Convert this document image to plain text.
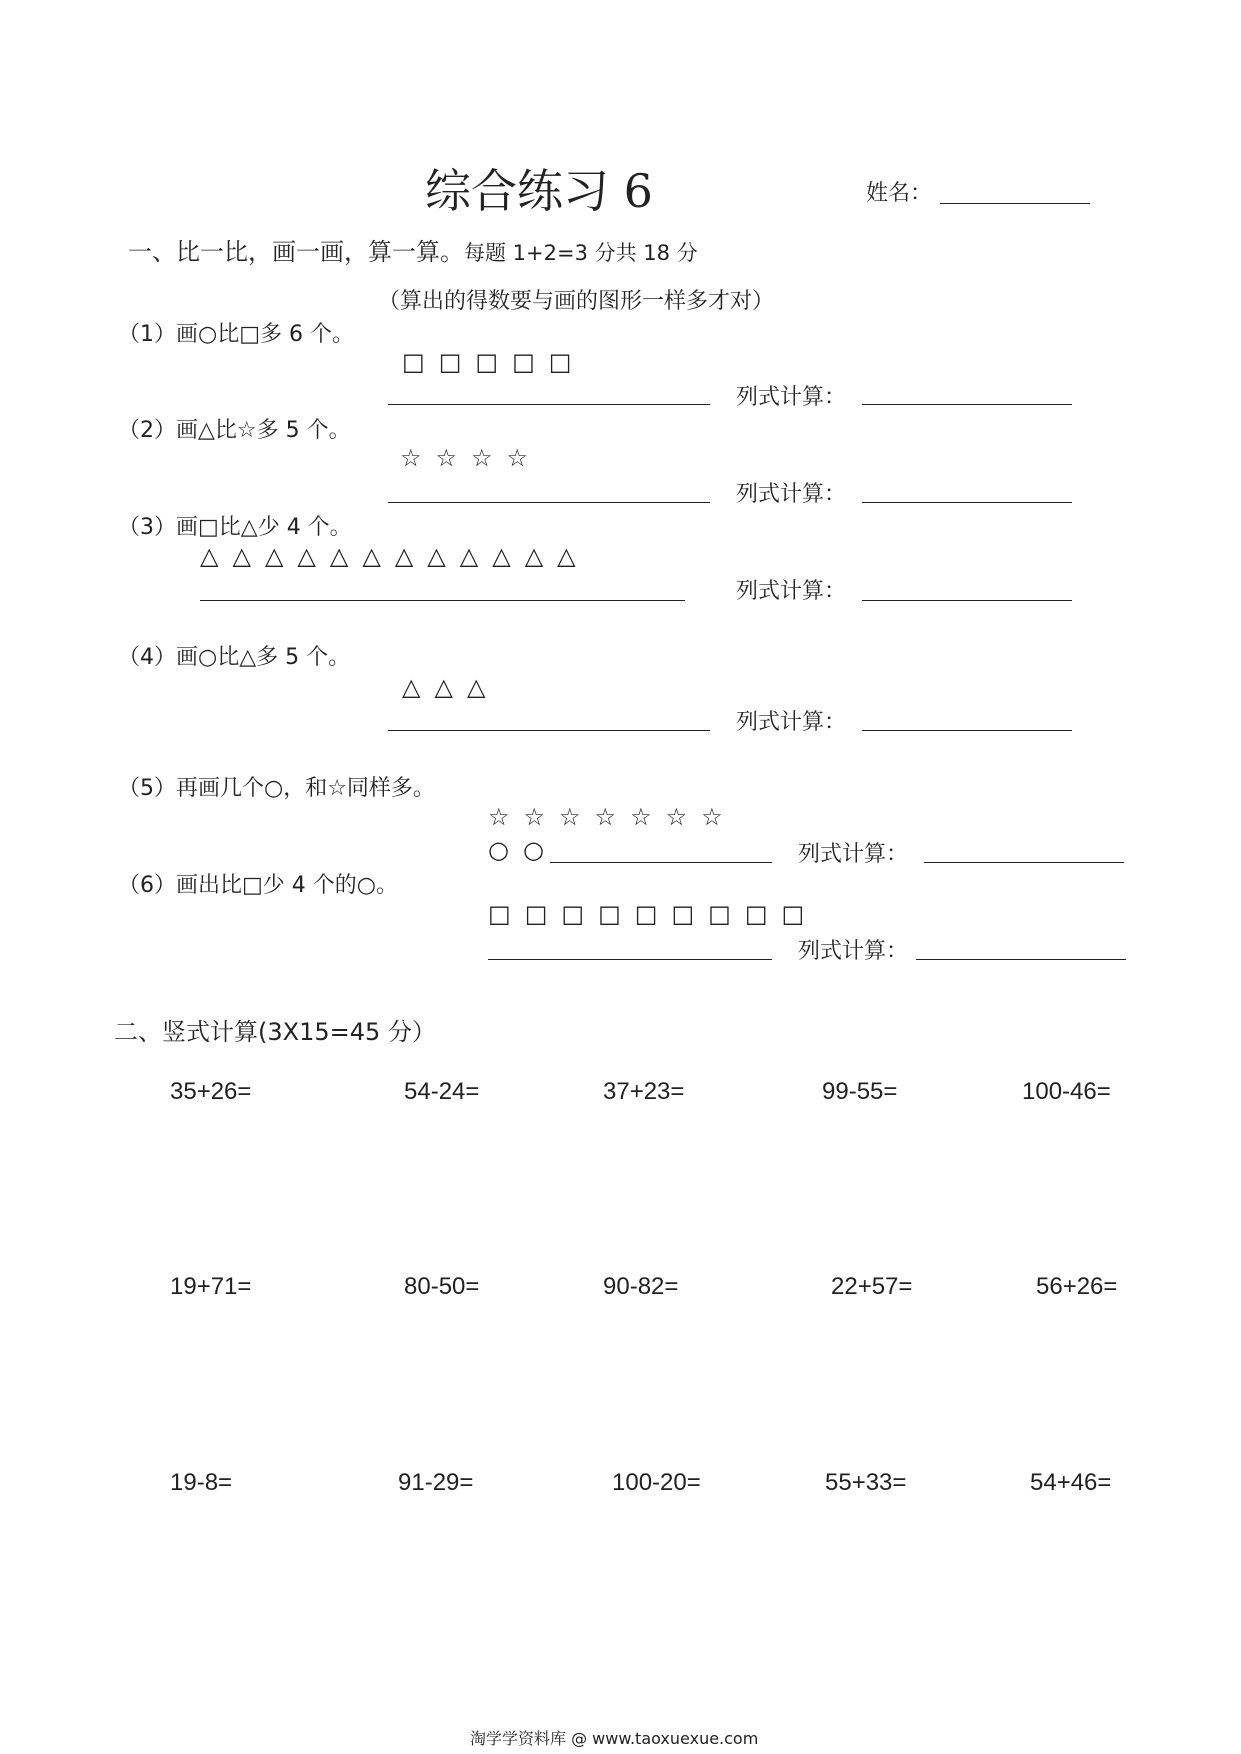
综合练习 6	姓名：
一、比一比，画一画，算一算。每题 1+2=3 分共 18 分
（算出的得数要与画的图形一样多才对）
（1）画○比□多 6 个。
□ □ □ □ □
列式计算：
（2）画△比☆多 5 个。
☆ ☆ ☆ ☆
列式计算：
（3）画□比△少 4 个。
△ △ △ △ △ △ △ △ △ △ △ △
列式计算：
（4）画○比△多 5 个。
△ △ △
列式计算：
（5）再画几个○，和☆同样多。
☆ ☆ ☆ ☆ ☆ ☆ ☆
○ ○	列式计算：
（6）画出比□少 4 个的○。
□ □ □ □ □ □ □ □ □
列式计算：
二、竖式计算(3X15=45 分）
35+26=	54-24=	37+23=	99-55=	100-46=
19+71=	80-50=	90-82=	22+57=	56+26=
19-8=	91-29=	100-20=	55+33=	54+46=
淘学学资料库 @ www.taoxuexue.com
